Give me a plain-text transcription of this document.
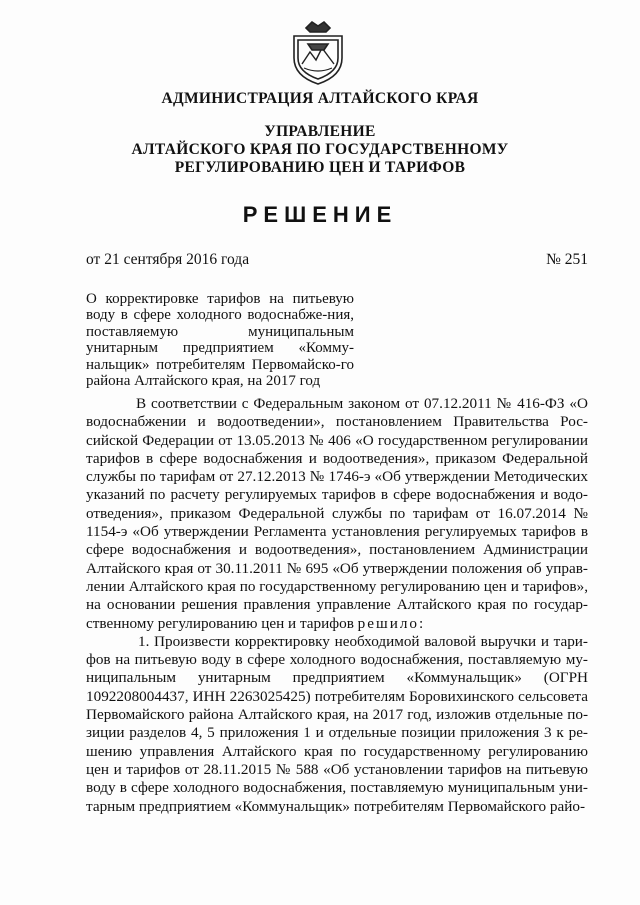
АДМИНИСТРАЦИЯ АЛТАЙСКОГО КРАЯ
УПРАВЛЕНИЕ
АЛТАЙСКОГО КРАЯ ПО ГОСУДАРСТВЕННОМУ
РЕГУЛИРОВАНИЮ ЦЕН И ТАРИФОВ
РЕШЕНИЕ
от 21 сентября 2016 года	№ 251
О корректировке тарифов на питьевую воду в сфере холодного водоснабже-ния, поставляемую муниципальным унитарным предприятием «Комму-нальщик» потребителям Первомайско-го района Алтайского края, на 2017 год

В соответствии с Федеральным законом от 07.12.2011 № 416-ФЗ «О водоснабжении и водоотведении», постановлением Правительства Рос-сийской Федерации от 13.05.2013 № 406 «О государственном регулировании тарифов в сфере водоснабжения и водоотведения», приказом Федеральной службы по тарифам от 27.12.2013 № 1746-э «Об утверждении Методических указаний по расчету регулируемых тарифов в сфере водоснабжения и водо-отведения», приказом Федеральной службы по тарифам от 16.07.2014 № 1154-э «Об утверждении Регламента установления регулируемых тарифов в сфере водоснабжения и водоотведения», постановлением Администрации Алтайского края от 30.11.2011 № 695 «Об утверждении положения об управ-лении Алтайского края по государственному регулированию цен и тарифов», на основании решения правления управление Алтайского края по государ-ственному регулированию цен и тарифов решило:

1. Произвести корректировку необходимой валовой выручки и тари-фов на питьевую воду в сфере холодного водоснабжения, поставляемую му-ниципальным унитарным предприятием «Коммунальщик» (ОГРН 1092208004437, ИНН 2263025425) потребителям Боровихинского сельсовета Первомайского района Алтайского края, на 2017 год, изложив отдельные по-зиции разделов 4, 5 приложения 1 и отдельные позиции приложения 3 к ре-шению управления Алтайского края по государственному регулированию цен и тарифов от 28.11.2015 № 588 «Об установлении тарифов на питьевую воду в сфере холодного водоснабжения, поставляемую муниципальным уни-тарным предприятием «Коммунальщик» потребителям Первомайского райо-
